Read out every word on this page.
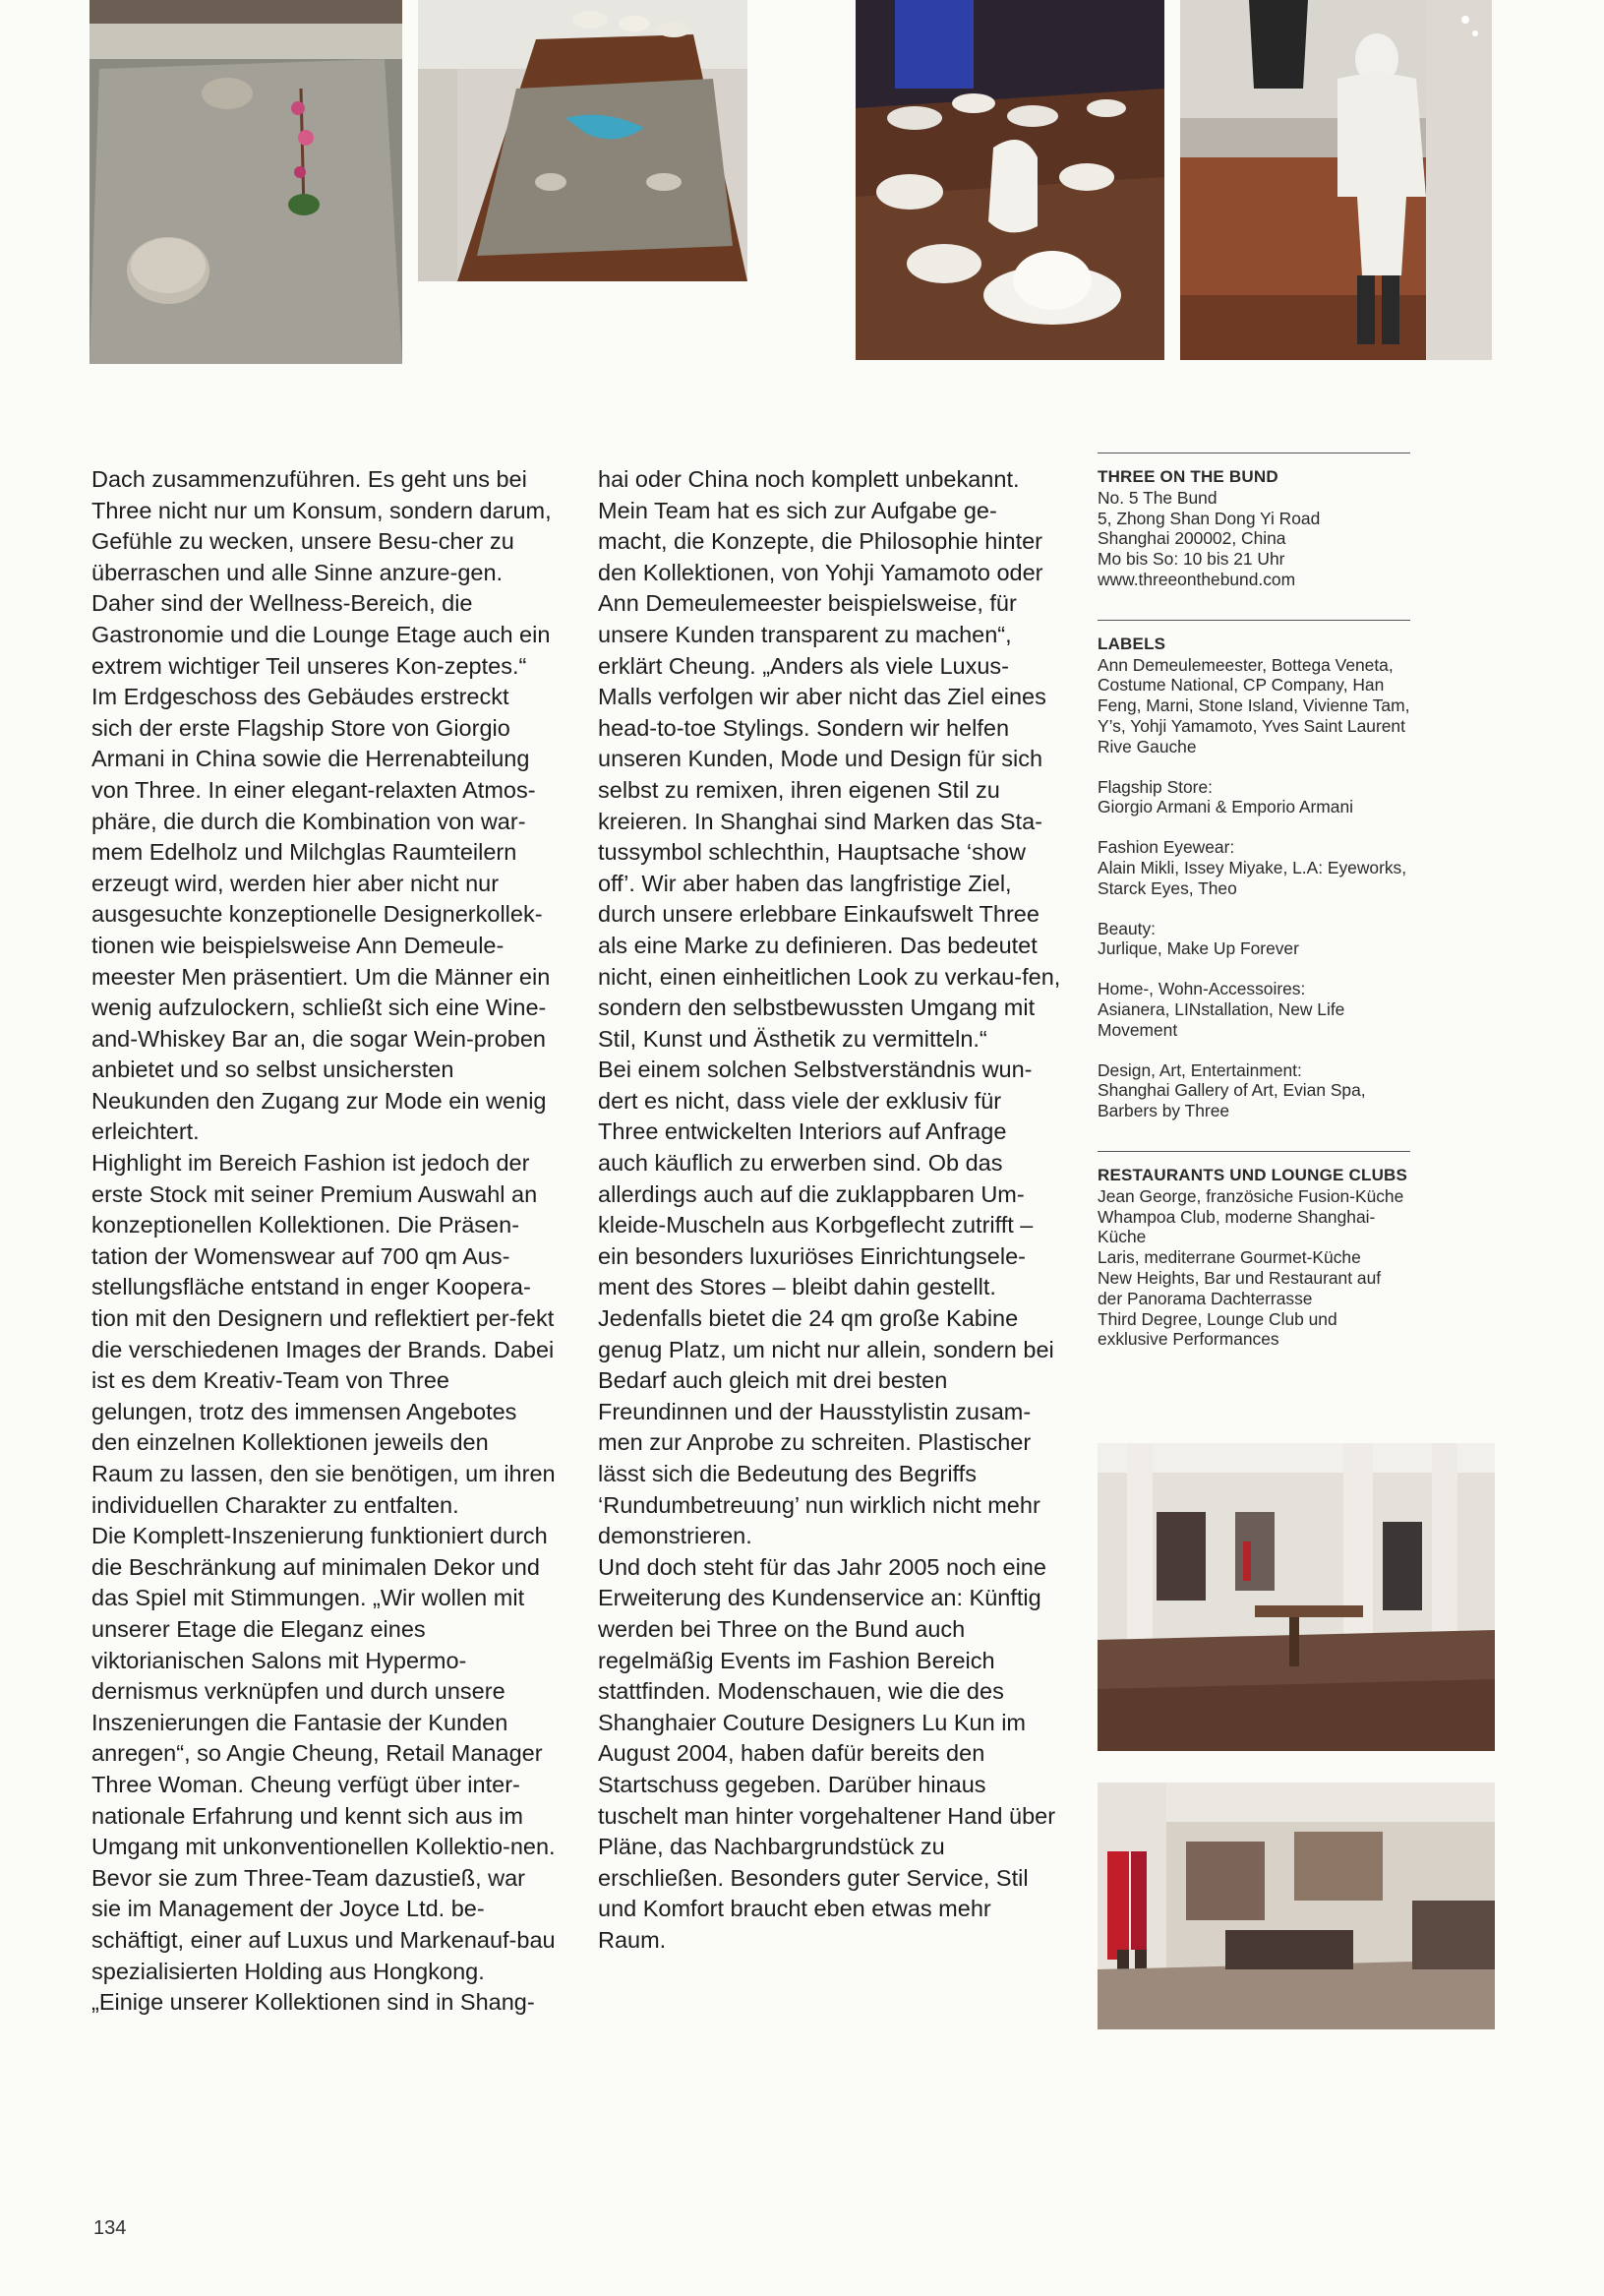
Dach zusammenzuführen. Es geht uns bei Three nicht nur um Konsum, sondern darum, Gefühle zu wecken, unsere Besu-cher zu überraschen und alle Sinne anzure-gen. Daher sind der Wellness-Bereich, die Gastronomie und die Lounge Etage auch ein extrem wichtiger Teil unseres Kon-zeptes.“

Im Erdgeschoss des Gebäudes erstreckt sich der erste Flagship Store von Giorgio Armani in China sowie die Herrenabteilung von Three. In einer elegant-relaxten Atmos-phäre, die durch die Kombination von war-mem Edelholz und Milchglas Raumteilern erzeugt wird, werden hier aber nicht nur ausgesuchte konzeptionelle Designerkollek-tionen wie beispielsweise Ann Demeule-meester Men präsentiert. Um die Männer ein wenig aufzulockern, schließt sich eine Wine-and-Whiskey Bar an, die sogar Wein-proben anbietet und so selbst unsichersten Neukunden den Zugang zur Mode ein wenig erleichtert.

Highlight im Bereich Fashion ist jedoch der erste Stock mit seiner Premium Auswahl an konzeptionellen Kollektionen. Die Präsen-tation der Womenswear auf 700 qm Aus-stellungsfläche entstand in enger Koopera-tion mit den Designern und reflektiert per-fekt die verschiedenen Images der Brands. Dabei ist es dem Kreativ-Team von Three gelungen, trotz des immensen Angebotes den einzelnen Kollektionen jeweils den Raum zu lassen, den sie benötigen, um ihren individuellen Charakter zu entfalten.

Die Komplett-Inszenierung funktioniert durch die Beschränkung auf minimalen Dekor und das Spiel mit Stimmungen. „Wir wollen mit unserer Etage die Eleganz eines viktorianischen Salons mit Hypermo-dernismus verknüpfen und durch unsere Inszenierungen die Fantasie der Kunden anregen“, so Angie Cheung, Retail Manager Three Woman. Cheung verfügt über inter-nationale Erfahrung und kennt sich aus im Umgang mit unkonventionellen Kollektio-nen. Bevor sie zum Three-Team dazustieß, war sie im Management der Joyce Ltd. be-schäftigt, einer auf Luxus und Markenauf-bau spezialisierten Holding aus Hongkong. „Einige unserer Kollektionen sind in Shang-

hai oder China noch komplett unbekannt. Mein Team hat es sich zur Aufgabe ge-macht, die Konzepte, die Philosophie hinter den Kollektionen, von Yohji Yamamoto oder Ann Demeulemeester beispielsweise, für unsere Kunden transparent zu machen“, erklärt Cheung. „Anders als viele Luxus-Malls verfolgen wir aber nicht das Ziel eines head-to-toe Stylings. Sondern wir helfen unseren Kunden, Mode und Design für sich selbst zu remixen, ihren eigenen Stil zu kreieren. In Shanghai sind Marken das Sta-tussymbol schlechthin, Hauptsache ‘show off’. Wir aber haben das langfristige Ziel, durch unsere erlebbare Einkaufswelt Three als eine Marke zu definieren. Das bedeutet nicht, einen einheitlichen Look zu verkau-fen, sondern den selbstbewussten Umgang mit Stil, Kunst und Ästhetik zu vermitteln.“

Bei einem solchen Selbstverständnis wun-dert es nicht, dass viele der exklusiv für Three entwickelten Interiors auf Anfrage auch käuflich zu erwerben sind. Ob das allerdings auch auf die zuklappbaren Um-kleide-Muscheln aus Korbgeflecht zutrifft – ein besonders luxuriöses Einrichtungsele-ment des Stores – bleibt dahin gestellt. Jedenfalls bietet die 24 qm große Kabine genug Platz, um nicht nur allein, sondern bei Bedarf auch gleich mit drei besten Freundinnen und der Hausstylistin zusam-men zur Anprobe zu schreiten. Plastischer lässt sich die Bedeutung des Begriffs ‘Rundumbetreuung’ nun wirklich nicht mehr demonstrieren.

Und doch steht für das Jahr 2005 noch eine Erweiterung des Kundenservice an: Künftig werden bei Three on the Bund auch regelmäßig Events im Fashion Bereich stattfinden. Modenschauen, wie die des Shanghaier Couture Designers Lu Kun im August 2004, haben dafür bereits den Startschuss gegeben. Darüber hinaus tuschelt man hinter vorgehaltener Hand über Pläne, das Nachbargrundstück zu erschließen. Besonders guter Service, Stil und Komfort braucht eben etwas mehr Raum.

THREE ON THE BUND
No. 5 The Bund
5, Zhong Shan Dong Yi Road
Shanghai 200002, China
Mo bis So: 10 bis 21 Uhr
www.threeonthebund.com
LABELS
Ann Demeulemeester, Bottega Veneta, Costume National, CP Company, Han Feng, Marni, Stone Island, Vivienne Tam, Y’s, Yohji Yamamoto, Yves Saint Laurent Rive Gauche
Flagship Store:
Giorgio Armani & Emporio Armani
Fashion Eyewear:
Alain Mikli, Issey Miyake, L.A: Eyeworks, Starck Eyes, Theo
Beauty:
Jurlique, Make Up Forever
Home-, Wohn-Accessoires:
Asianera, LINstallation, New Life Movement
Design, Art, Entertainment:
Shanghai Gallery of Art, Evian Spa, Barbers by Three
RESTAURANTS UND LOUNGE CLUBS
Jean George, französiche Fusion-Küche
Whampoa Club, moderne Shanghai-Küche
Laris, mediterrane Gourmet-Küche
New Heights, Bar und Restaurant auf der Panorama Dachterrasse
Third Degree, Lounge Club und exklusive Performances
134
